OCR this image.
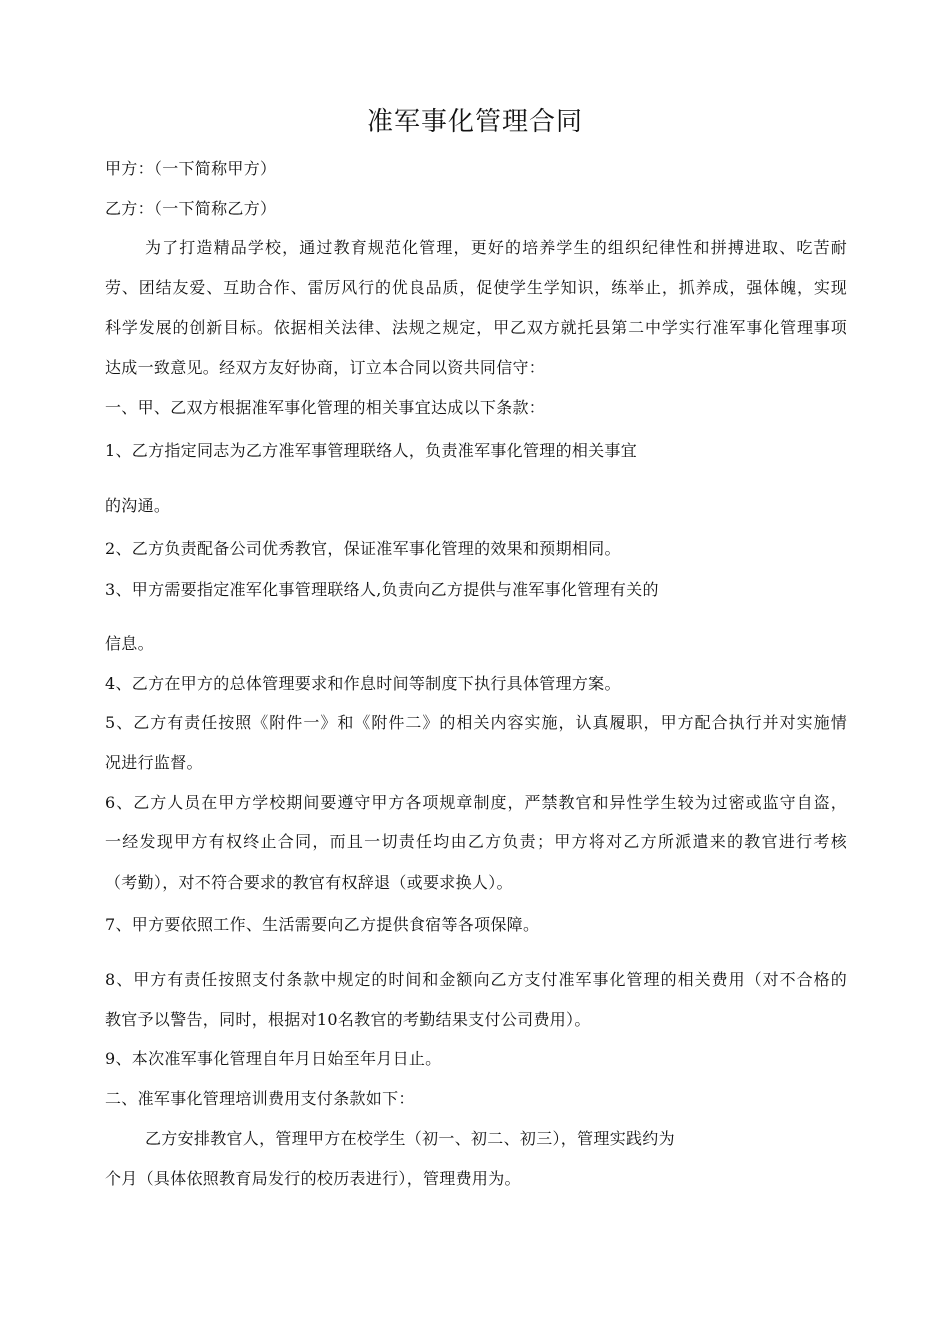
准军事化管理合同
甲方：（一下简称甲方）
乙方：（一下简称乙方）
为了打造精品学校，通过教育规范化管理，更好的培养学生的组织纪律性和拼搏进取、吃苦耐
劳、团结友爱、互助合作、雷厉风行的优良品质，促使学生学知识，练举止，抓养成，强体魄，实现
科学发展的创新目标。依据相关法律、法规之规定，甲乙双方就托县第二中学实行准军事化管理事项
达成一致意见。经双方友好协商，订立本合同以资共同信守：
一、甲、乙双方根据准军事化管理的相关事宜达成以下条款：
1、乙方指定同志为乙方准军事管理联络人，负责准军事化管理的相关事宜
的沟通。
2、乙方负责配备公司优秀教官，保证准军事化管理的效果和预期相同。
3、甲方需要指定准军化事管理联络人,负责向乙方提供与准军事化管理有关的
信息。
4、乙方在甲方的总体管理要求和作息时间等制度下执行具体管理方案。
5、乙方有责任按照《附件一》和《附件二》的相关内容实施，认真履职，甲方配合执行并对实施情
况进行监督。
6、乙方人员在甲方学校期间要遵守甲方各项规章制度，严禁教官和异性学生较为过密或监守自盗，
一经发现甲方有权终止合同，而且一切责任均由乙方负责；甲方将对乙方所派遣来的教官进行考核
（考勤），对不符合要求的教官有权辞退（或要求换人）。
7、甲方要依照工作、生活需要向乙方提供食宿等各项保障。
8、甲方有责任按照支付条款中规定的时间和金额向乙方支付准军事化管理的相关费用（对不合格的
教官予以警告，同时，根据对10名教官的考勤结果支付公司费用）。
9、本次准军事化管理自年月日始至年月日止。
二、准军事化管理培训费用支付条款如下：
乙方安排教官人，管理甲方在校学生（初一、初二、初三），管理实践约为
个月（具体依照教育局发行的校历表进行），管理费用为。
